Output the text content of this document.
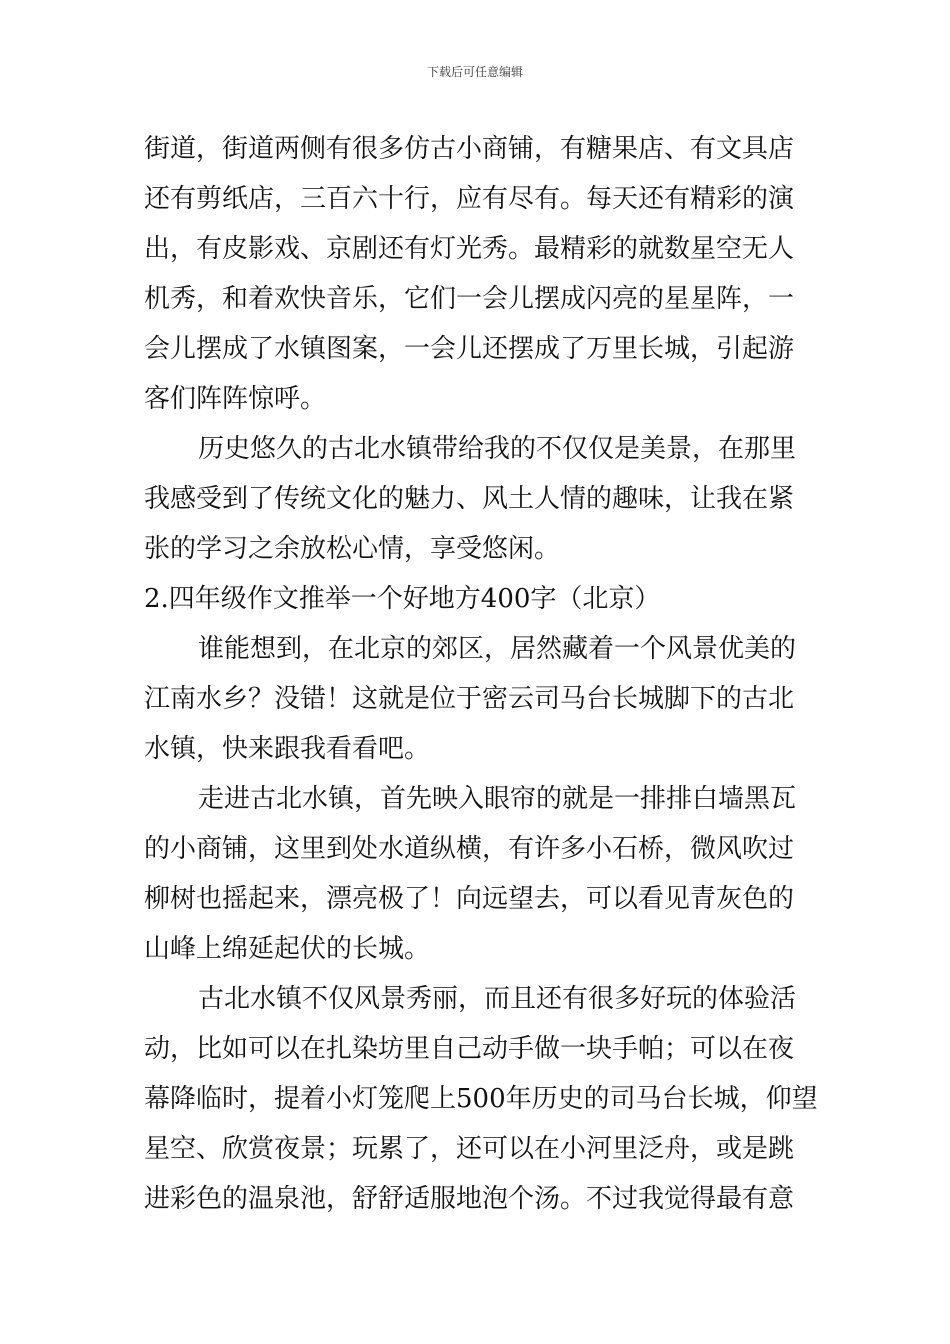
下载后可任意编辑
街道，街道两侧有很多仿古小商铺，有糖果店、有文具店
还有剪纸店，三百六十行，应有尽有。每天还有精彩的演
出，有皮影戏、京剧还有灯光秀。最精彩的就数星空无人
机秀，和着欢快音乐，它们一会儿摆成闪亮的星星阵，一
会儿摆成了水镇图案，一会儿还摆成了万里长城，引起游
客们阵阵惊呼。
历史悠久的古北水镇带给我的不仅仅是美景，在那里
我感受到了传统文化的魅力、风土人情的趣味，让我在紧
张的学习之余放松心情，享受悠闲。
2.四年级作文推举一个好地方400字（北京）
谁能想到，在北京的郊区，居然藏着一个风景优美的
江南水乡？没错！这就是位于密云司马台长城脚下的古北
水镇，快来跟我看看吧。
走进古北水镇，首先映入眼帘的就是一排排白墙黑瓦
的小商铺，这里到处水道纵横，有许多小石桥，微风吹过
柳树也摇起来，漂亮极了！向远望去，可以看见青灰色的
山峰上绵延起伏的长城。
古北水镇不仅风景秀丽，而且还有很多好玩的体验活
动，比如可以在扎染坊里自己动手做一块手帕；可以在夜
幕降临时，提着小灯笼爬上500年历史的司马台长城，仰望
星空、欣赏夜景；玩累了，还可以在小河里泛舟，或是跳
进彩色的温泉池，舒舒适服地泡个汤。不过我觉得最有意
